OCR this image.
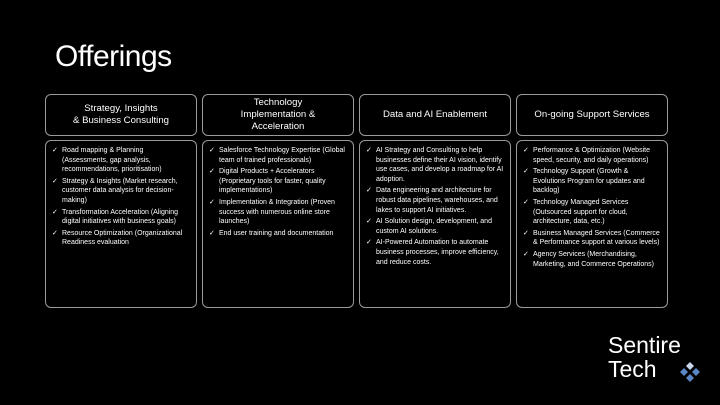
Offerings
Strategy, Insights
& Business Consulting
✓ Road mapping & Planning (Assessments, gap analysis, recommendations, prioritisation)
✓ Strategy & Insights (Market research, customer data analysis for decision-making)
✓ Transformation Acceleration (Aligning digital initiatives with business goals)
✓ Resource Optimization (Organizational Readiness evaluation
Technology
Implementation &
Acceleration
✓ Salesforce Technology Expertise (Global team of trained professionals)
✓ Digital Products + Accelerators (Proprietary tools for faster, quality implementations)
✓ Implementation & Integration (Proven success with numerous online store launches)
✓ End user training and documentation
Data and AI Enablement
✓ AI Strategy and Consulting to help businesses define their AI vision, identify use cases, and develop a roadmap for AI adoption.
✓ Data engineering and architecture for robust data pipelines, warehouses, and lakes to support AI initiatives.
✓ AI Solution design, development, and custom AI solutions.
✓ AI-Powered Automation to automate business processes, improve efficiency, and reduce costs.
On-going Support Services
✓ Performance & Optimization (Website speed, security, and daily operations)
✓ Technology Support (Growth & Evolutions Program for updates and backlog)
✓ Technology Managed Services (Outsourced support for cloud, architecture, data, etc.)
✓ Business Managed Services (Commerce & Performance support at various levels)
✓ Agency Services (Merchandising, Marketing, and Commerce Operations)
Sentire
Tech
